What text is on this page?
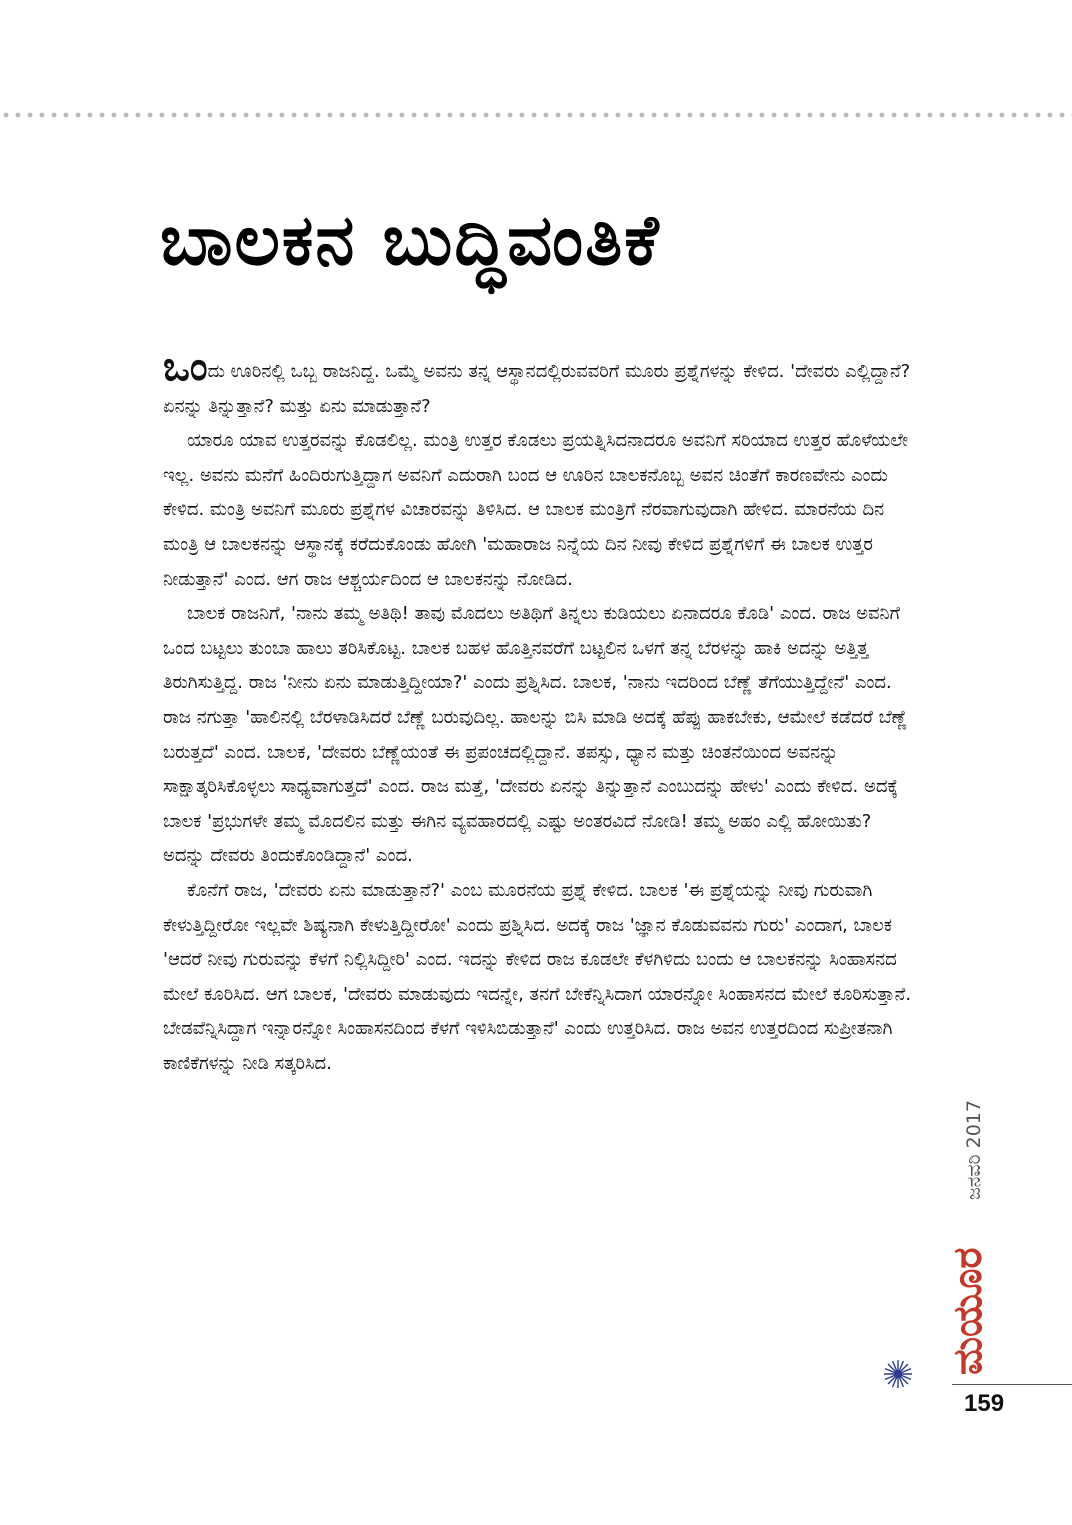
ಬಾಲಕನ ಬುದ್ಧಿವಂತಿಕೆ

ಒಂದು ಊರಿನಲ್ಲಿ ಒಬ್ಬ ರಾಜನಿದ್ದ. ಒಮ್ಮೆ ಅವನು ತನ್ನ ಆಸ್ಥಾನದಲ್ಲಿರುವವರಿಗೆ ಮೂರು ಪ್ರಶ್ನೆಗಳನ್ನು ಕೇಳಿದ. 'ದೇವರು ಎಲ್ಲಿದ್ದಾನೆ? ಏನನ್ನು ತಿನ್ನುತ್ತಾನೆ? ಮತ್ತು ಏನು ಮಾಡುತ್ತಾನೆ?

ಯಾರೂ ಯಾವ ಉತ್ತರವನ್ನು ಕೊಡಲಿಲ್ಲ. ಮಂತ್ರಿ ಉತ್ತರ ಕೊಡಲು ಪ್ರಯತ್ನಿಸಿದನಾದರೂ ಅವನಿಗೆ ಸರಿಯಾದ ಉತ್ತರ ಹೊಳೆಯಲೇ ಇಲ್ಲ. ಅವನು ಮನೆಗೆ ಹಿಂದಿರುಗುತ್ತಿದ್ದಾಗ ಅವನಿಗೆ ಎದುರಾಗಿ ಬಂದ ಆ ಊರಿನ ಬಾಲಕನೊಬ್ಬ ಅವನ ಚಿಂತೆಗೆ ಕಾರಣವೇನು ಎಂದು ಕೇಳಿದ. ಮಂತ್ರಿ ಅವನಿಗೆ ಮೂರು ಪ್ರಶ್ನೆಗಳ ವಿಚಾರವನ್ನು ತಿಳಿಸಿದ. ಆ ಬಾಲಕ ಮಂತ್ರಿಗೆ ನೆರವಾಗುವುದಾಗಿ ಹೇಳಿದ. ಮಾರನೆಯ ದಿನ ಮಂತ್ರಿ ಆ ಬಾಲಕನನ್ನು ಆಸ್ಥಾನಕ್ಕೆ ಕರೆದುಕೊಂಡು ಹೋಗಿ 'ಮಹಾರಾಜ ನಿನ್ನೆಯ ದಿನ ನೀವು ಕೇಳಿದ ಪ್ರಶ್ನೆಗಳಿಗೆ ಈ ಬಾಲಕ ಉತ್ತರ ನೀಡುತ್ತಾನೆ' ಎಂದ. ಆಗ ರಾಜ ಆಶ್ಚರ್ಯದಿಂದ ಆ ಬಾಲಕನನ್ನು ನೋಡಿದ.

ಬಾಲಕ ರಾಜನಿಗೆ, 'ನಾನು ತಮ್ಮ ಅತಿಥಿ! ತಾವು ಮೊದಲು ಅತಿಥಿಗೆ ತಿನ್ನಲು ಕುಡಿಯಲು ಏನಾದರೂ ಕೊಡಿ' ಎಂದ. ರಾಜ ಅವನಿಗೆ ಒಂದ ಬಟ್ಟಲು ತುಂಬಾ ಹಾಲು ತರಿಸಿಕೊಟ್ಟ. ಬಾಲಕ ಬಹಳ ಹೊತ್ತಿನವರೆಗೆ ಬಟ್ಟಲಿನ ಒಳಗೆ ತನ್ನ ಬೆರಳನ್ನು ಹಾಕಿ ಅದನ್ನು ಅತ್ತಿತ್ತ ತಿರುಗಿಸುತ್ತಿದ್ದ. ರಾಜ 'ನೀನು ಏನು ಮಾಡುತ್ತಿದ್ದೀಯಾ?' ಎಂದು ಪ್ರಶ್ನಿಸಿದ. ಬಾಲಕ, 'ನಾನು ಇದರಿಂದ ಬೆಣ್ಣೆ ತೆಗೆಯುತ್ತಿದ್ದೇನೆ' ಎಂದ. ರಾಜ ನಗುತ್ತಾ 'ಹಾಲಿನಲ್ಲಿ ಬೆರಳಾಡಿಸಿದರೆ ಬೆಣ್ಣೆ ಬರುವುದಿಲ್ಲ. ಹಾಲನ್ನು ಬಿಸಿ ಮಾಡಿ ಅದಕ್ಕೆ ಹೆಪ್ಪು ಹಾಕಬೇಕು, ಆಮೇಲೆ ಕಡೆದರೆ ಬೆಣ್ಣೆ ಬರುತ್ತದೆ' ಎಂದ. ಬಾಲಕ, 'ದೇವರು ಬೆಣ್ಣೆಯಂತೆ ಈ ಪ್ರಪಂಚದಲ್ಲಿದ್ದಾನೆ. ತಪಸ್ಸು, ಧ್ಯಾನ ಮತ್ತು ಚಿಂತನೆಯಿಂದ ಅವನನ್ನು ಸಾಕ್ಷಾತ್ಕರಿಸಿಕೊಳ್ಳಲು ಸಾಧ್ಯವಾಗುತ್ತದೆ' ಎಂದ. ರಾಜ ಮತ್ತೆ, 'ದೇವರು ಏನನ್ನು ತಿನ್ನುತ್ತಾನೆ ಎಂಬುದನ್ನು ಹೇಳು' ಎಂದು ಕೇಳಿದ. ಅದಕ್ಕೆ ಬಾಲಕ 'ಪ್ರಭುಗಳೇ ತಮ್ಮ ಮೊದಲಿನ ಮತ್ತು ಈಗಿನ ವ್ಯವಹಾರದಲ್ಲಿ ಎಷ್ಟು ಅಂತರವಿದೆ ನೋಡಿ! ತಮ್ಮ ಅಹಂ ಎಲ್ಲಿ ಹೋಯಿತು? ಅದನ್ನು ದೇವರು ತಿಂದುಕೊಂಡಿದ್ದಾನೆ' ಎಂದ.

ಕೊನೆಗೆ ರಾಜ, 'ದೇವರು ಏನು ಮಾಡುತ್ತಾನೆ?' ಎಂಬ ಮೂರನೆಯ ಪ್ರಶ್ನೆ ಕೇಳಿದ. ಬಾಲಕ 'ಈ ಪ್ರಶ್ನೆಯನ್ನು ನೀವು ಗುರುವಾಗಿ ಕೇಳುತ್ತಿದ್ದೀರೋ ಇಲ್ಲವೇ ಶಿಷ್ಯನಾಗಿ ಕೇಳುತ್ತಿದ್ದೀರೋ' ಎಂದು ಪ್ರಶ್ನಿಸಿದ. ಅದಕ್ಕೆ ರಾಜ 'ಜ್ಞಾನ ಕೊಡುವವನು ಗುರು' ಎಂದಾಗ, ಬಾಲಕ 'ಆದರೆ ನೀವು ಗುರುವನ್ನು ಕೆಳಗೆ ನಿಲ್ಲಿಸಿದ್ದೀರಿ' ಎಂದ. ಇದನ್ನು ಕೇಳಿದ ರಾಜ ಕೂಡಲೇ ಕೆಳಗಿಳಿದು ಬಂದು ಆ ಬಾಲಕನನ್ನು ಸಿಂಹಾಸನದ ಮೇಲೆ ಕೂರಿಸಿದ. ಆಗ ಬಾಲಕ, 'ದೇವರು ಮಾಡುವುದು ಇದನ್ನೇ, ತನಗೆ ಬೇಕೆನ್ನಿಸಿದಾಗ ಯಾರನ್ನೋ ಸಿಂಹಾಸನದ ಮೇಲೆ ಕೂರಿಸುತ್ತಾನೆ. ಬೇಡವೆನ್ನಿಸಿದ್ದಾಗ ಇನ್ನಾರನ್ನೋ ಸಿಂಹಾಸನದಿಂದ ಕೆಳಗೆ ಇಳಿಸಿಬಿಡುತ್ತಾನೆ' ಎಂದು ಉತ್ತರಿಸಿದ. ರಾಜ ಅವನ ಉತ್ತರದಿಂದ ಸುಪ್ರೀತನಾಗಿ ಕಾಣಿಕೆಗಳನ್ನು ನೀಡಿ ಸತ್ಕರಿಸಿದ.

ಜನವರಿ 2017
ಮಯೂರ
159
